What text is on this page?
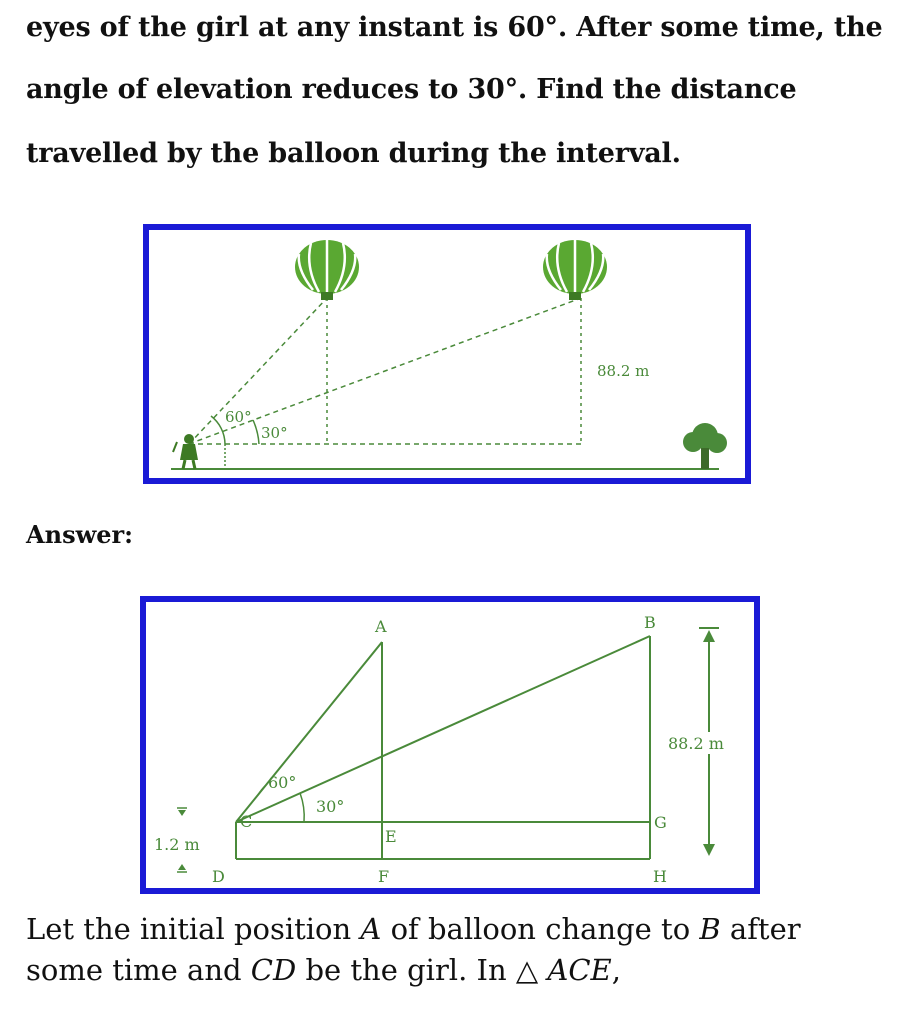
eyes of the girl at any instant is 60°. After some time, the
angle of elevation reduces to 30°. Find the distance
travelled by the balloon during the interval.
60°
30°
88.2 m
Answer:
88.2 m
1.2 m
A	B
C
D
E
F
G
H
60°
30°
Let the initial position A of balloon change to B after
some time and CD be the girl. In △ ACE,
